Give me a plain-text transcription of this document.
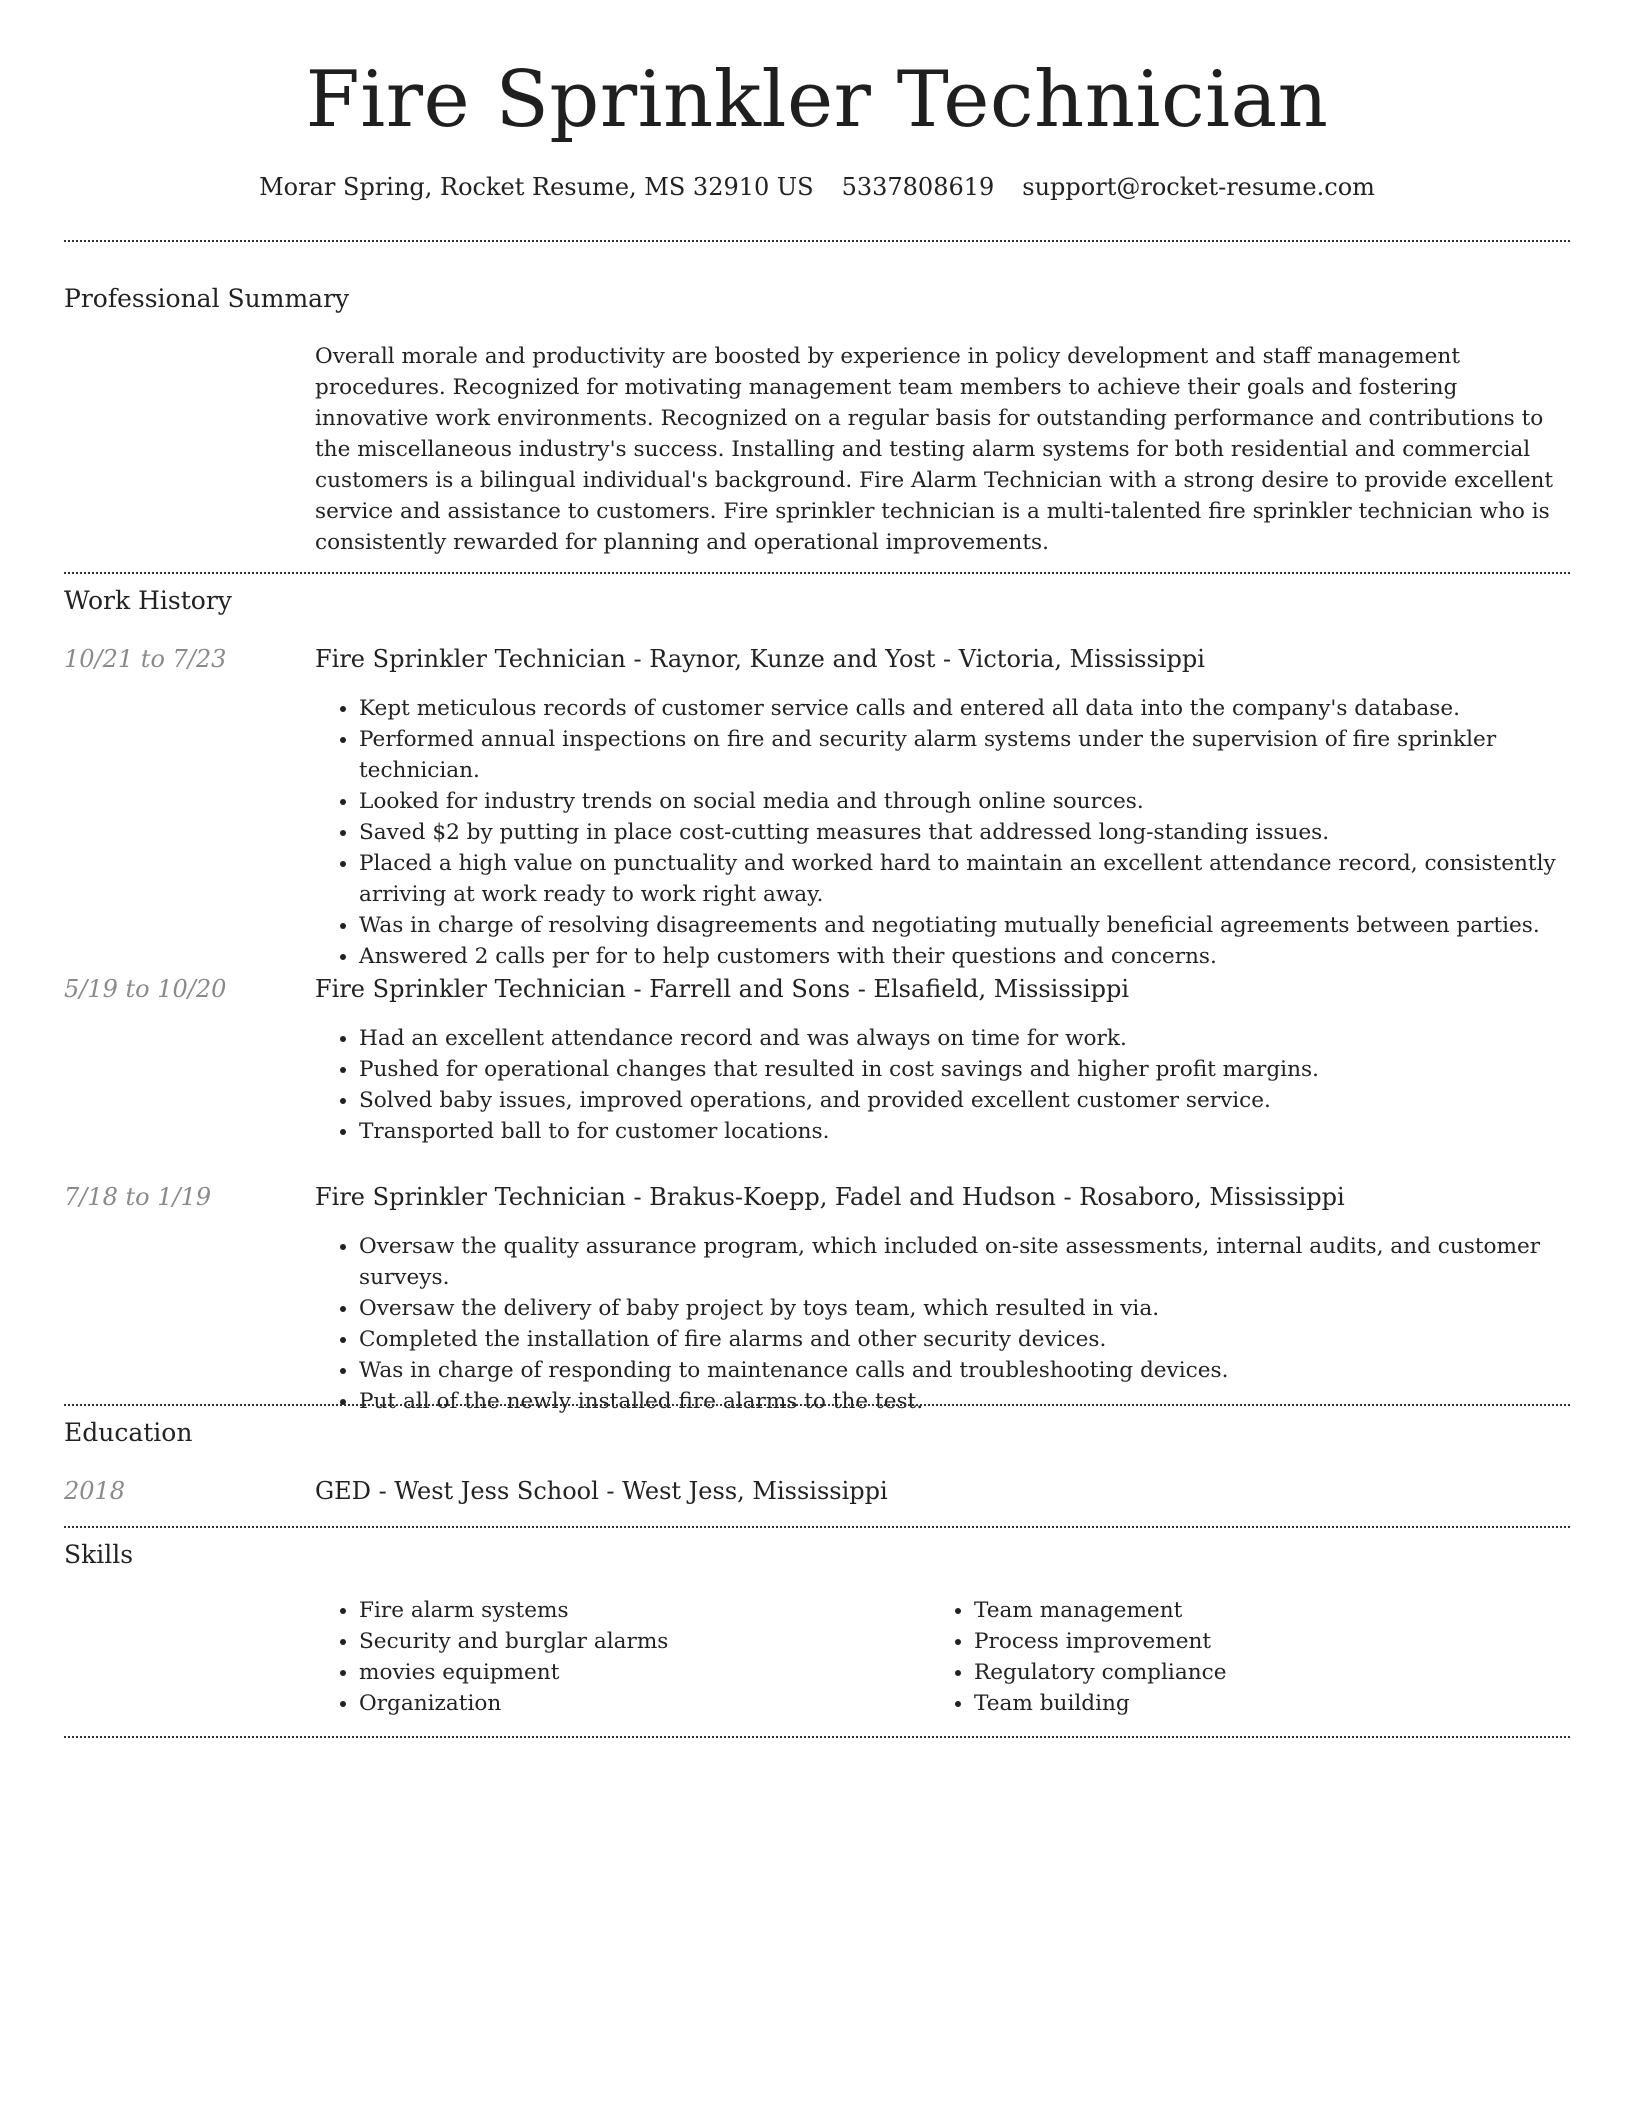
Fire Sprinkler Technician
Morar Spring, Rocket Resume, MS 32910 US 5337808619 support@rocket-resume.com
Professional Summary
Overall morale and productivity are boosted by experience in policy development and staff management procedures. Recognized for motivating management team members to achieve their goals and fostering innovative work environments. Recognized on a regular basis for outstanding performance and contributions to the miscellaneous industry's success. Installing and testing alarm systems for both residential and commercial customers is a bilingual individual's background. Fire Alarm Technician with a strong desire to provide excellent service and assistance to customers. Fire sprinkler technician is a multi-talented fire sprinkler technician who is consistently rewarded for planning and operational improvements.
Work History
10/21 to 7/23	Fire Sprinkler Technician - Raynor, Kunze and Yost - Victoria, Mississippi
• Kept meticulous records of customer service calls and entered all data into the company's database.
• Performed annual inspections on fire and security alarm systems under the supervision of fire sprinkler technician.
• Looked for industry trends on social media and through online sources.
• Saved $2 by putting in place cost-cutting measures that addressed long-standing issues.
• Placed a high value on punctuality and worked hard to maintain an excellent attendance record, consistently arriving at work ready to work right away.
• Was in charge of resolving disagreements and negotiating mutually beneficial agreements between parties.
• Answered 2 calls per for to help customers with their questions and concerns.
5/19 to 10/20	Fire Sprinkler Technician - Farrell and Sons - Elsafield, Mississippi
• Had an excellent attendance record and was always on time for work.
• Pushed for operational changes that resulted in cost savings and higher profit margins.
• Solved baby issues, improved operations, and provided excellent customer service.
• Transported ball to for customer locations.
7/18 to 1/19	Fire Sprinkler Technician - Brakus-Koepp, Fadel and Hudson - Rosaboro, Mississippi
• Oversaw the quality assurance program, which included on-site assessments, internal audits, and customer surveys.
• Oversaw the delivery of baby project by toys team, which resulted in via.
• Completed the installation of fire alarms and other security devices.
• Was in charge of responding to maintenance calls and troubleshooting devices.
• Put all of the newly installed fire alarms to the test.
Education
2018	GED - West Jess School - West Jess, Mississippi
Skills
• Fire alarm systems
• Security and burglar alarms
• movies equipment
• Organization
• Team management
• Process improvement
• Regulatory compliance
• Team building
